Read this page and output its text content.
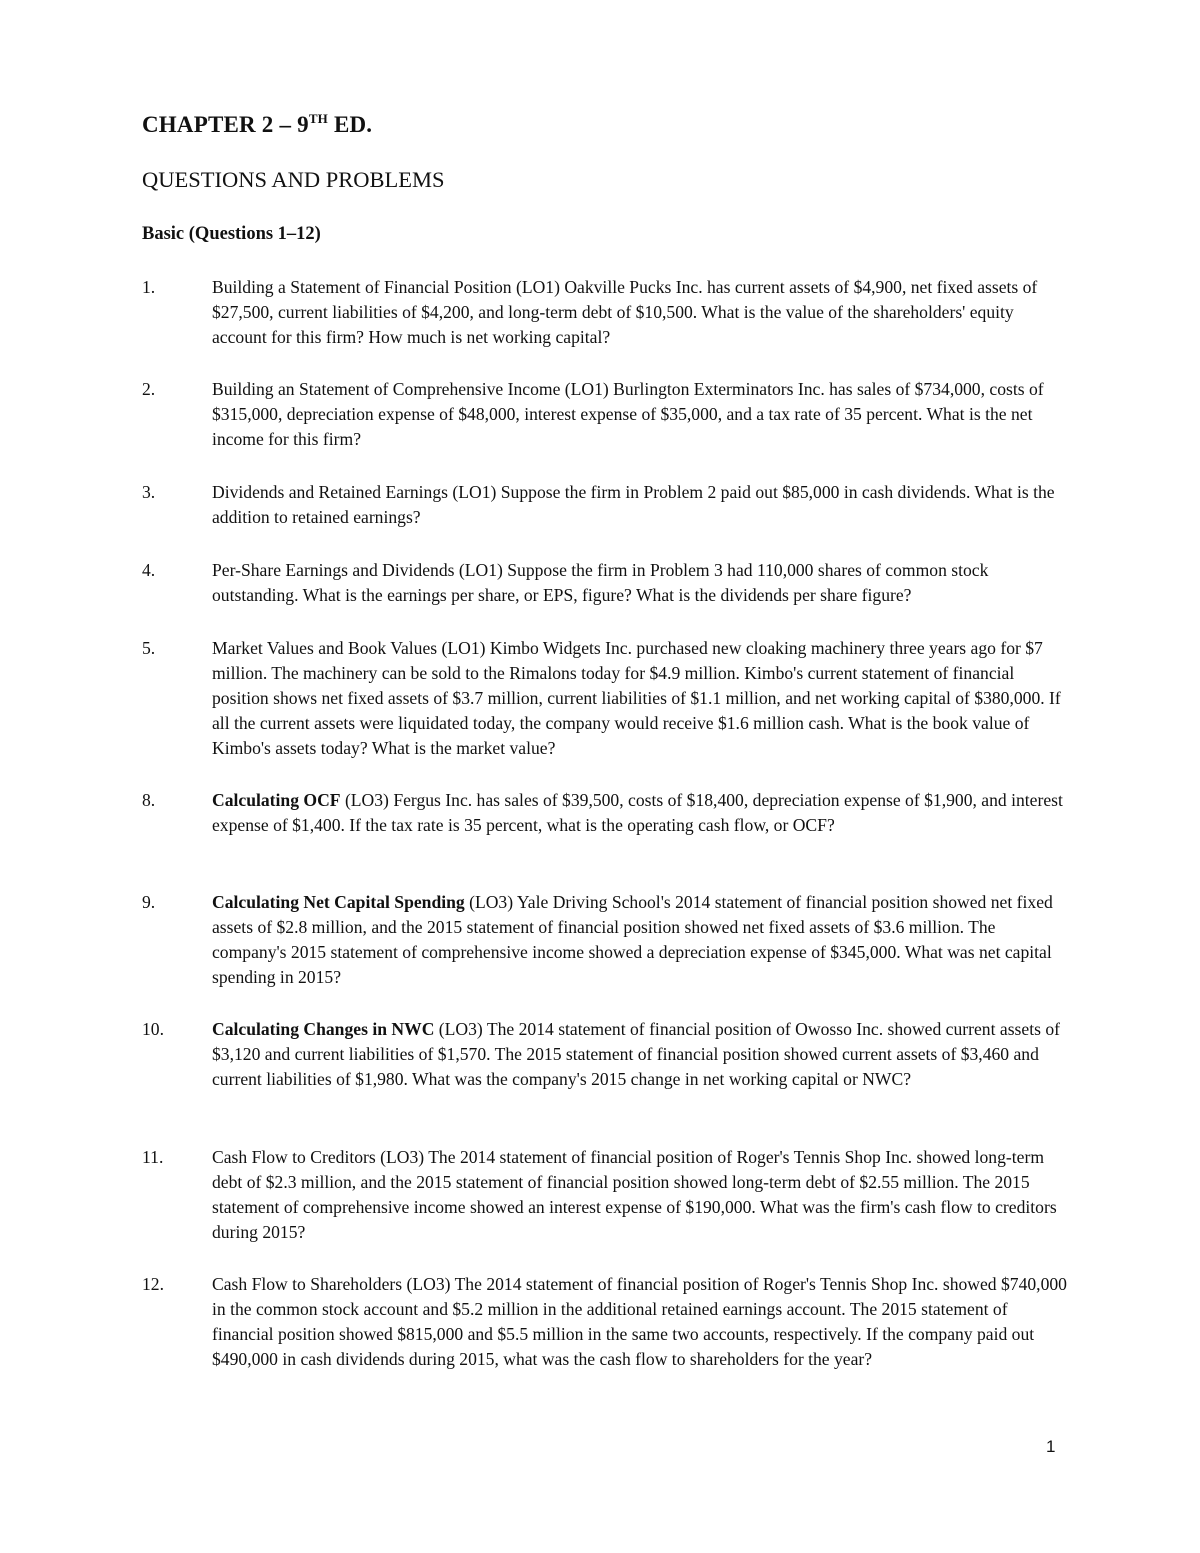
CHAPTER 2 – 9TH ED.
QUESTIONS AND PROBLEMS
Basic (Questions 1–12)
1.	Building a Statement of Financial Position (LO1) Oakville Pucks Inc. has current assets of $4,900, net fixed assets of $27,500, current liabilities of $4,200, and long-term debt of $10,500. What is the value of the shareholders' equity account for this firm? How much is net working capital?
2.	Building an Statement of Comprehensive Income (LO1) Burlington Exterminators Inc. has sales of $734,000, costs of $315,000, depreciation expense of $48,000, interest expense of $35,000, and a tax rate of 35 percent. What is the net income for this firm?
3.	Dividends and Retained Earnings (LO1) Suppose the firm in Problem 2 paid out $85,000 in cash dividends. What is the addition to retained earnings?
4.	Per-Share Earnings and Dividends (LO1) Suppose the firm in Problem 3 had 110,000 shares of common stock outstanding. What is the earnings per share, or EPS, figure? What is the dividends per share figure?
5.	Market Values and Book Values (LO1) Kimbo Widgets Inc. purchased new cloaking machinery three years ago for $7 million. The machinery can be sold to the Rimalons today for $4.9 million. Kimbo's current statement of financial position shows net fixed assets of $3.7 million, current liabilities of $1.1 million, and net working capital of $380,000. If all the current assets were liquidated today, the company would receive $1.6 million cash. What is the book value of Kimbo's assets today? What is the market value?
8.	Calculating OCF (LO3) Fergus Inc. has sales of $39,500, costs of $18,400, depreciation expense of $1,900, and interest expense of $1,400. If the tax rate is 35 percent, what is the operating cash flow, or OCF?
9.	Calculating Net Capital Spending (LO3) Yale Driving School's 2014 statement of financial position showed net fixed assets of $2.8 million, and the 2015 statement of financial position showed net fixed assets of $3.6 million. The company's 2015 statement of comprehensive income showed a depreciation expense of $345,000. What was net capital spending in 2015?
10.	Calculating Changes in NWC (LO3) The 2014 statement of financial position of Owosso Inc. showed current assets of $3,120 and current liabilities of $1,570. The 2015 statement of financial position showed current assets of $3,460 and current liabilities of $1,980. What was the company's 2015 change in net working capital or NWC?
11.	Cash Flow to Creditors (LO3) The 2014 statement of financial position of Roger's Tennis Shop Inc. showed long-term debt of $2.3 million, and the 2015 statement of financial position showed long-term debt of $2.55 million. The 2015 statement of comprehensive income showed an interest expense of $190,000. What was the firm's cash flow to creditors during 2015?
12.	Cash Flow to Shareholders (LO3) The 2014 statement of financial position of Roger's Tennis Shop Inc. showed $740,000 in the common stock account and $5.2 million in the additional retained earnings account. The 2015 statement of financial position showed $815,000 and $5.5 million in the same two accounts, respectively. If the company paid out $490,000 in cash dividends during 2015, what was the cash flow to shareholders for the year?
1
